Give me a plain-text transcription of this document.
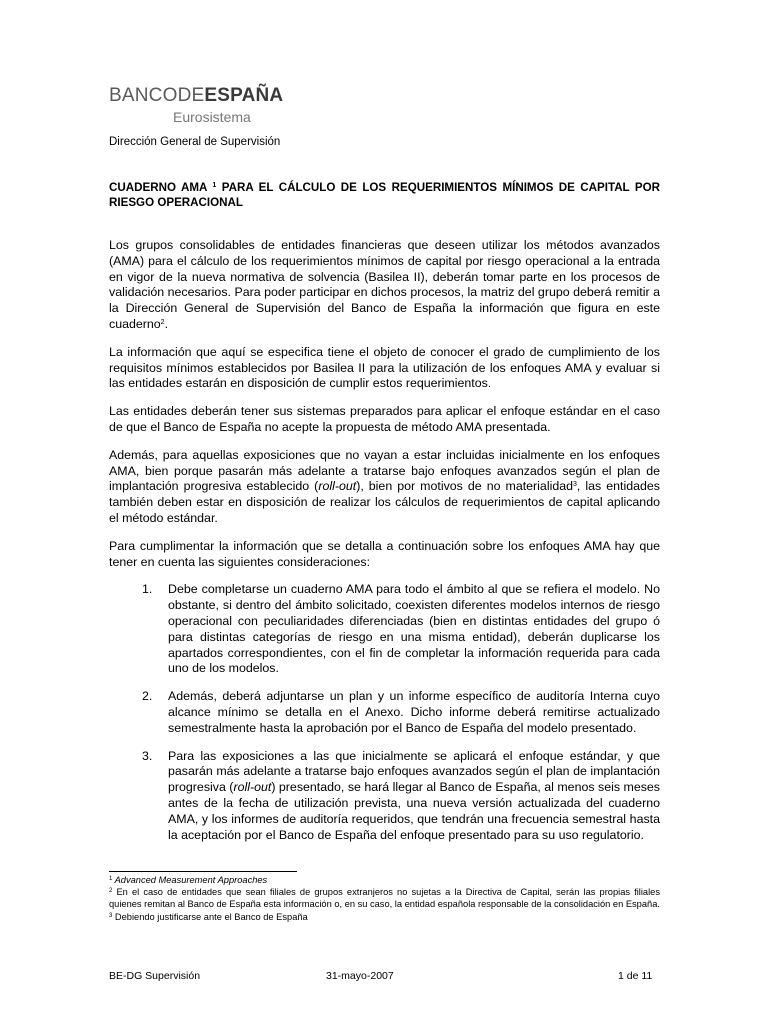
BANCODEESPAÑA
Eurosistema
Dirección General de Supervisión
CUADERNO AMA $^1$ PARA EL CÁLCULO DE LOS REQUERIMIENTOS MÍNIMOS DE CAPITAL POR RIESGO OPERACIONAL

Los grupos consolidables de entidades financieras que deseen utilizar los métodos avanzados (AMA) para el cálculo de los requerimientos mínimos de capital por riesgo operacional a la entrada en vigor de la nueva normativa de solvencia (Basilea II), deberán tomar parte en los procesos de validación necesarios. Para poder participar en dichos procesos, la matriz del grupo deberá remitir a la Dirección General de Supervisión del Banco de España la información que figura en este cuaderno$^2$.

La información que aquí se especifica tiene el objeto de conocer el grado de cumplimiento de los requisitos mínimos establecidos por Basilea II para la utilización de los enfoques AMA y evaluar si las entidades estarán en disposición de cumplir estos requerimientos.

Las entidades deberán tener sus sistemas preparados para aplicar el enfoque estándar en el caso de que el Banco de España no acepte la propuesta de método AMA presentada.

Además, para aquellas exposiciones que no vayan a estar incluidas inicialmente en los enfoques AMA, bien porque pasarán más adelante a tratarse bajo enfoques avanzados según el plan de implantación progresiva establecido (roll-out), bien por motivos de no materialidad$^3$, las entidades también deben estar en disposición de realizar los cálculos de requerimientos de capital aplicando el método estándar.

Para cumplimentar la información que se detalla a continuación sobre los enfoques AMA hay que tener en cuenta las siguientes consideraciones:

1. Debe completarse un cuaderno AMA para todo el ámbito al que se refiera el modelo. No obstante, si dentro del ámbito solicitado, coexisten diferentes modelos internos de riesgo operacional con peculiaridades diferenciadas (bien en distintas entidades del grupo ó para distintas categorías de riesgo en una misma entidad), deberán duplicarse los apartados correspondientes, con el fin de completar la información requerida para cada uno de los modelos.
2. Además, deberá adjuntarse un plan y un informe específico de auditoría Interna cuyo alcance mínimo se detalla en el Anexo. Dicho informe deberá remitirse actualizado semestralmente hasta la aprobación por el Banco de España del modelo presentado.
3. Para las exposiciones a las que inicialmente se aplicará el enfoque estándar, y que pasarán más adelante a tratarse bajo enfoques avanzados según el plan de implantación progresiva (roll-out) presentado, se hará llegar al Banco de España, al menos seis meses antes de la fecha de utilización prevista, una nueva versión actualizada del cuaderno AMA, y los informes de auditoría requeridos, que tendrán una frecuencia semestral hasta la aceptación por el Banco de España del enfoque presentado para su uso regulatorio.
$^1$ Advanced Measurement Approaches
$^2$ En el caso de entidades que sean filiales de grupos extranjeros no sujetas a la Directiva de Capital, serán las propias filiales quienes remitan al Banco de España esta información o, en su caso, la entidad española responsable de la consolidación en España.
$^3$ Debiendo justificarse ante el Banco de España
BE-DG Supervisión	31-mayo-2007	1 de 11
